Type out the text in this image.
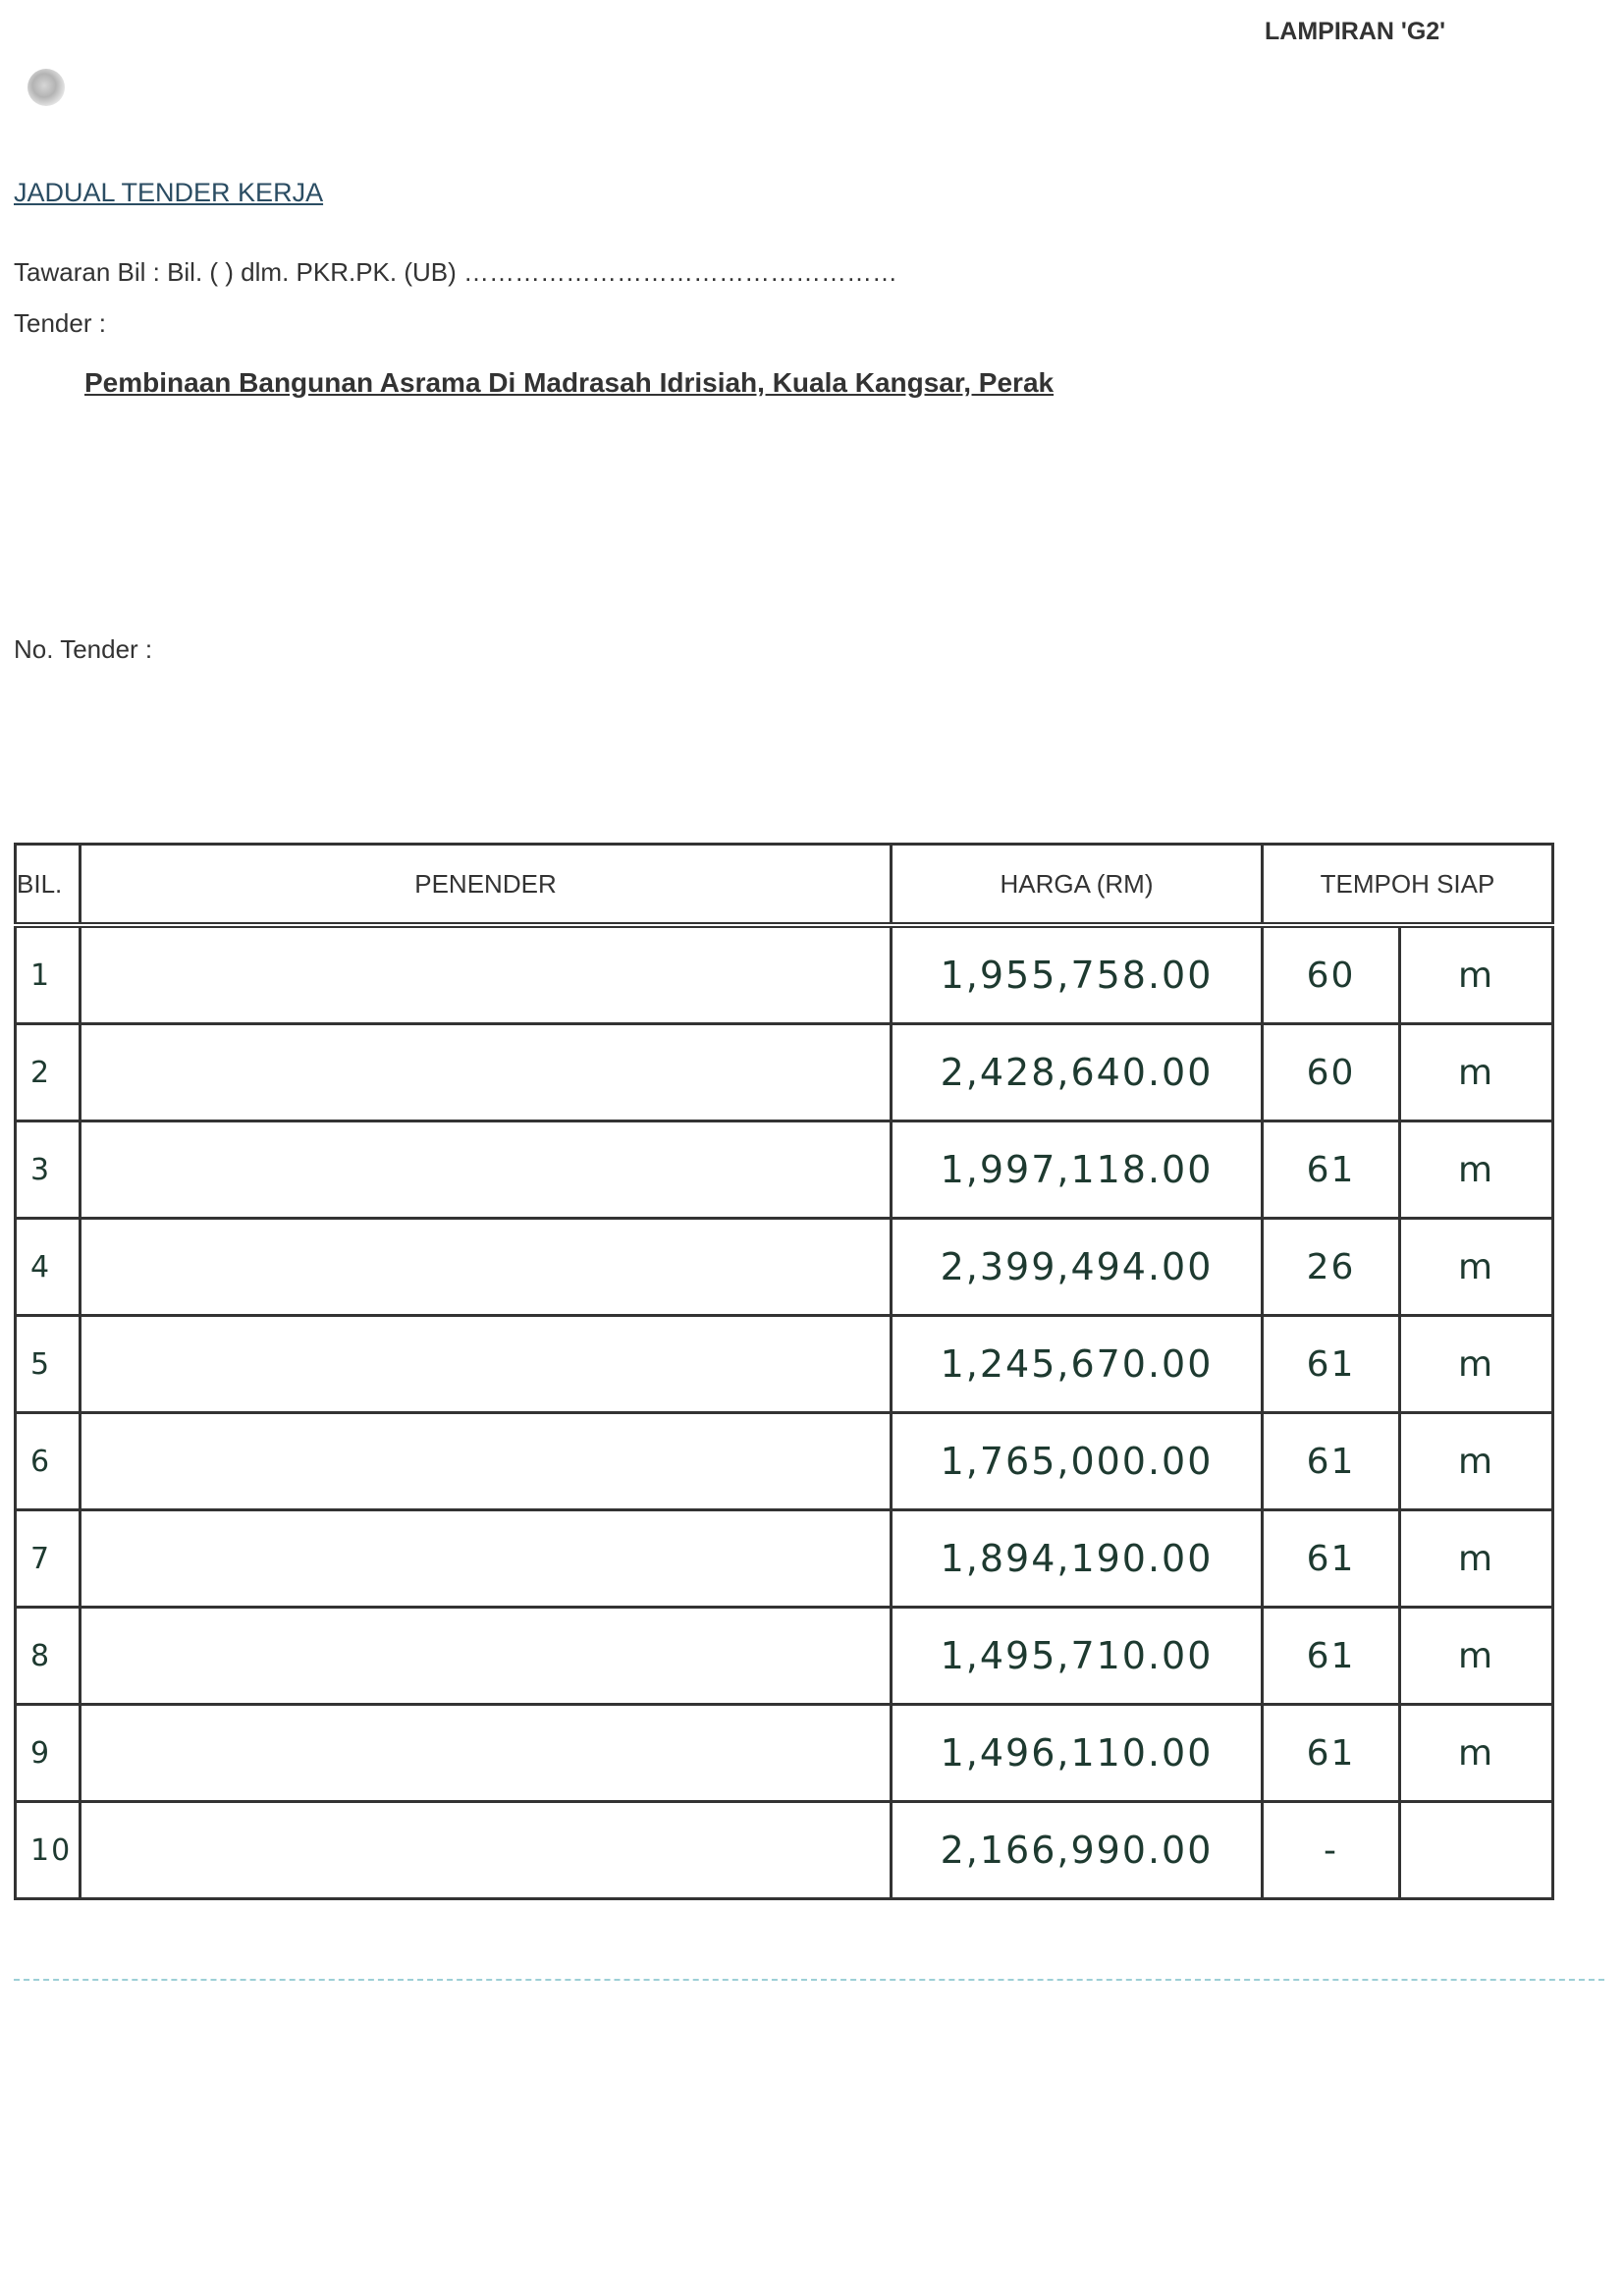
LAMPIRAN 'G2'
JADUAL TENDER KERJA
Tawaran Bil : Bil. ( ) dlm. PKR.PK. (UB) ……………………………………………
Tender :
Pembinaan Bangunan Asrama Di Madrasah Idrisiah, Kuala Kangsar, Perak
No. Tender :
BIL.	PENENDER	HARGA (RM)	TEMPOH SIAP	
1		1,955,758.00	60	m
2		2,428,640.00	60	m
3		1,997,118.00	61	m
4		2,399,494.00	26	m
5		1,245,670.00	61	m
6		1,765,000.00	61	m
7		1,894,190.00	61	m
8		1,495,710.00	61	m
9		1,496,110.00	61	m
10		2,166,990.00	-	
